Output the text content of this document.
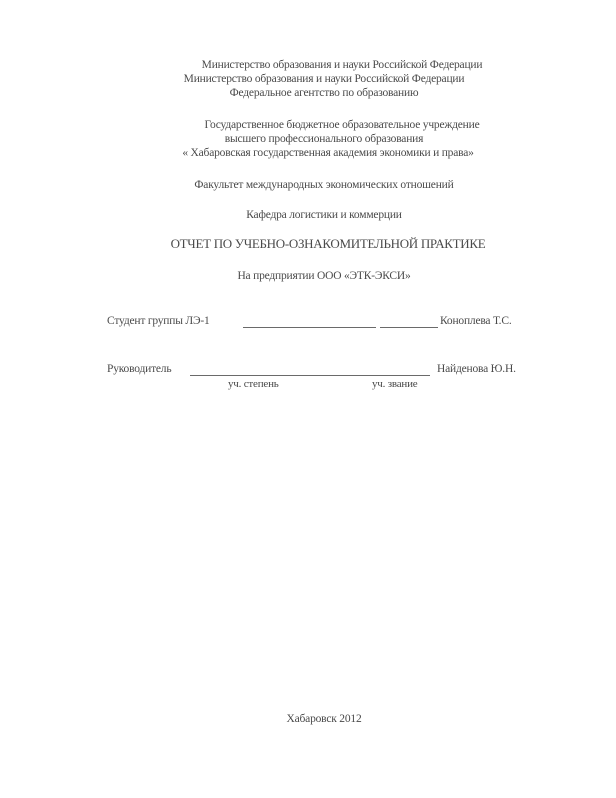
Министерство образования и науки Российской Федерации
Министерство образования и науки Российской Федерации
Федеральное агентство по образованию
Государственное бюджетное образовательное учреждение
высшего профессионального образования
« Хабаровская государственная академия экономики и права»
Факультет международных экономических отношений
Кафедра логистики и коммерции
ОТЧЕТ ПО УЧЕБНО-ОЗНАКОМИТЕЛЬНОЙ ПРАКТИКЕ
На предприятии ООО «ЭТК-ЭКСИ»
Студент группы ЛЭ-1	Коноплева Т.С.
Руководитель	Найденова Ю.Н.
уч. степень	уч. звание
Хабаровск 2012
